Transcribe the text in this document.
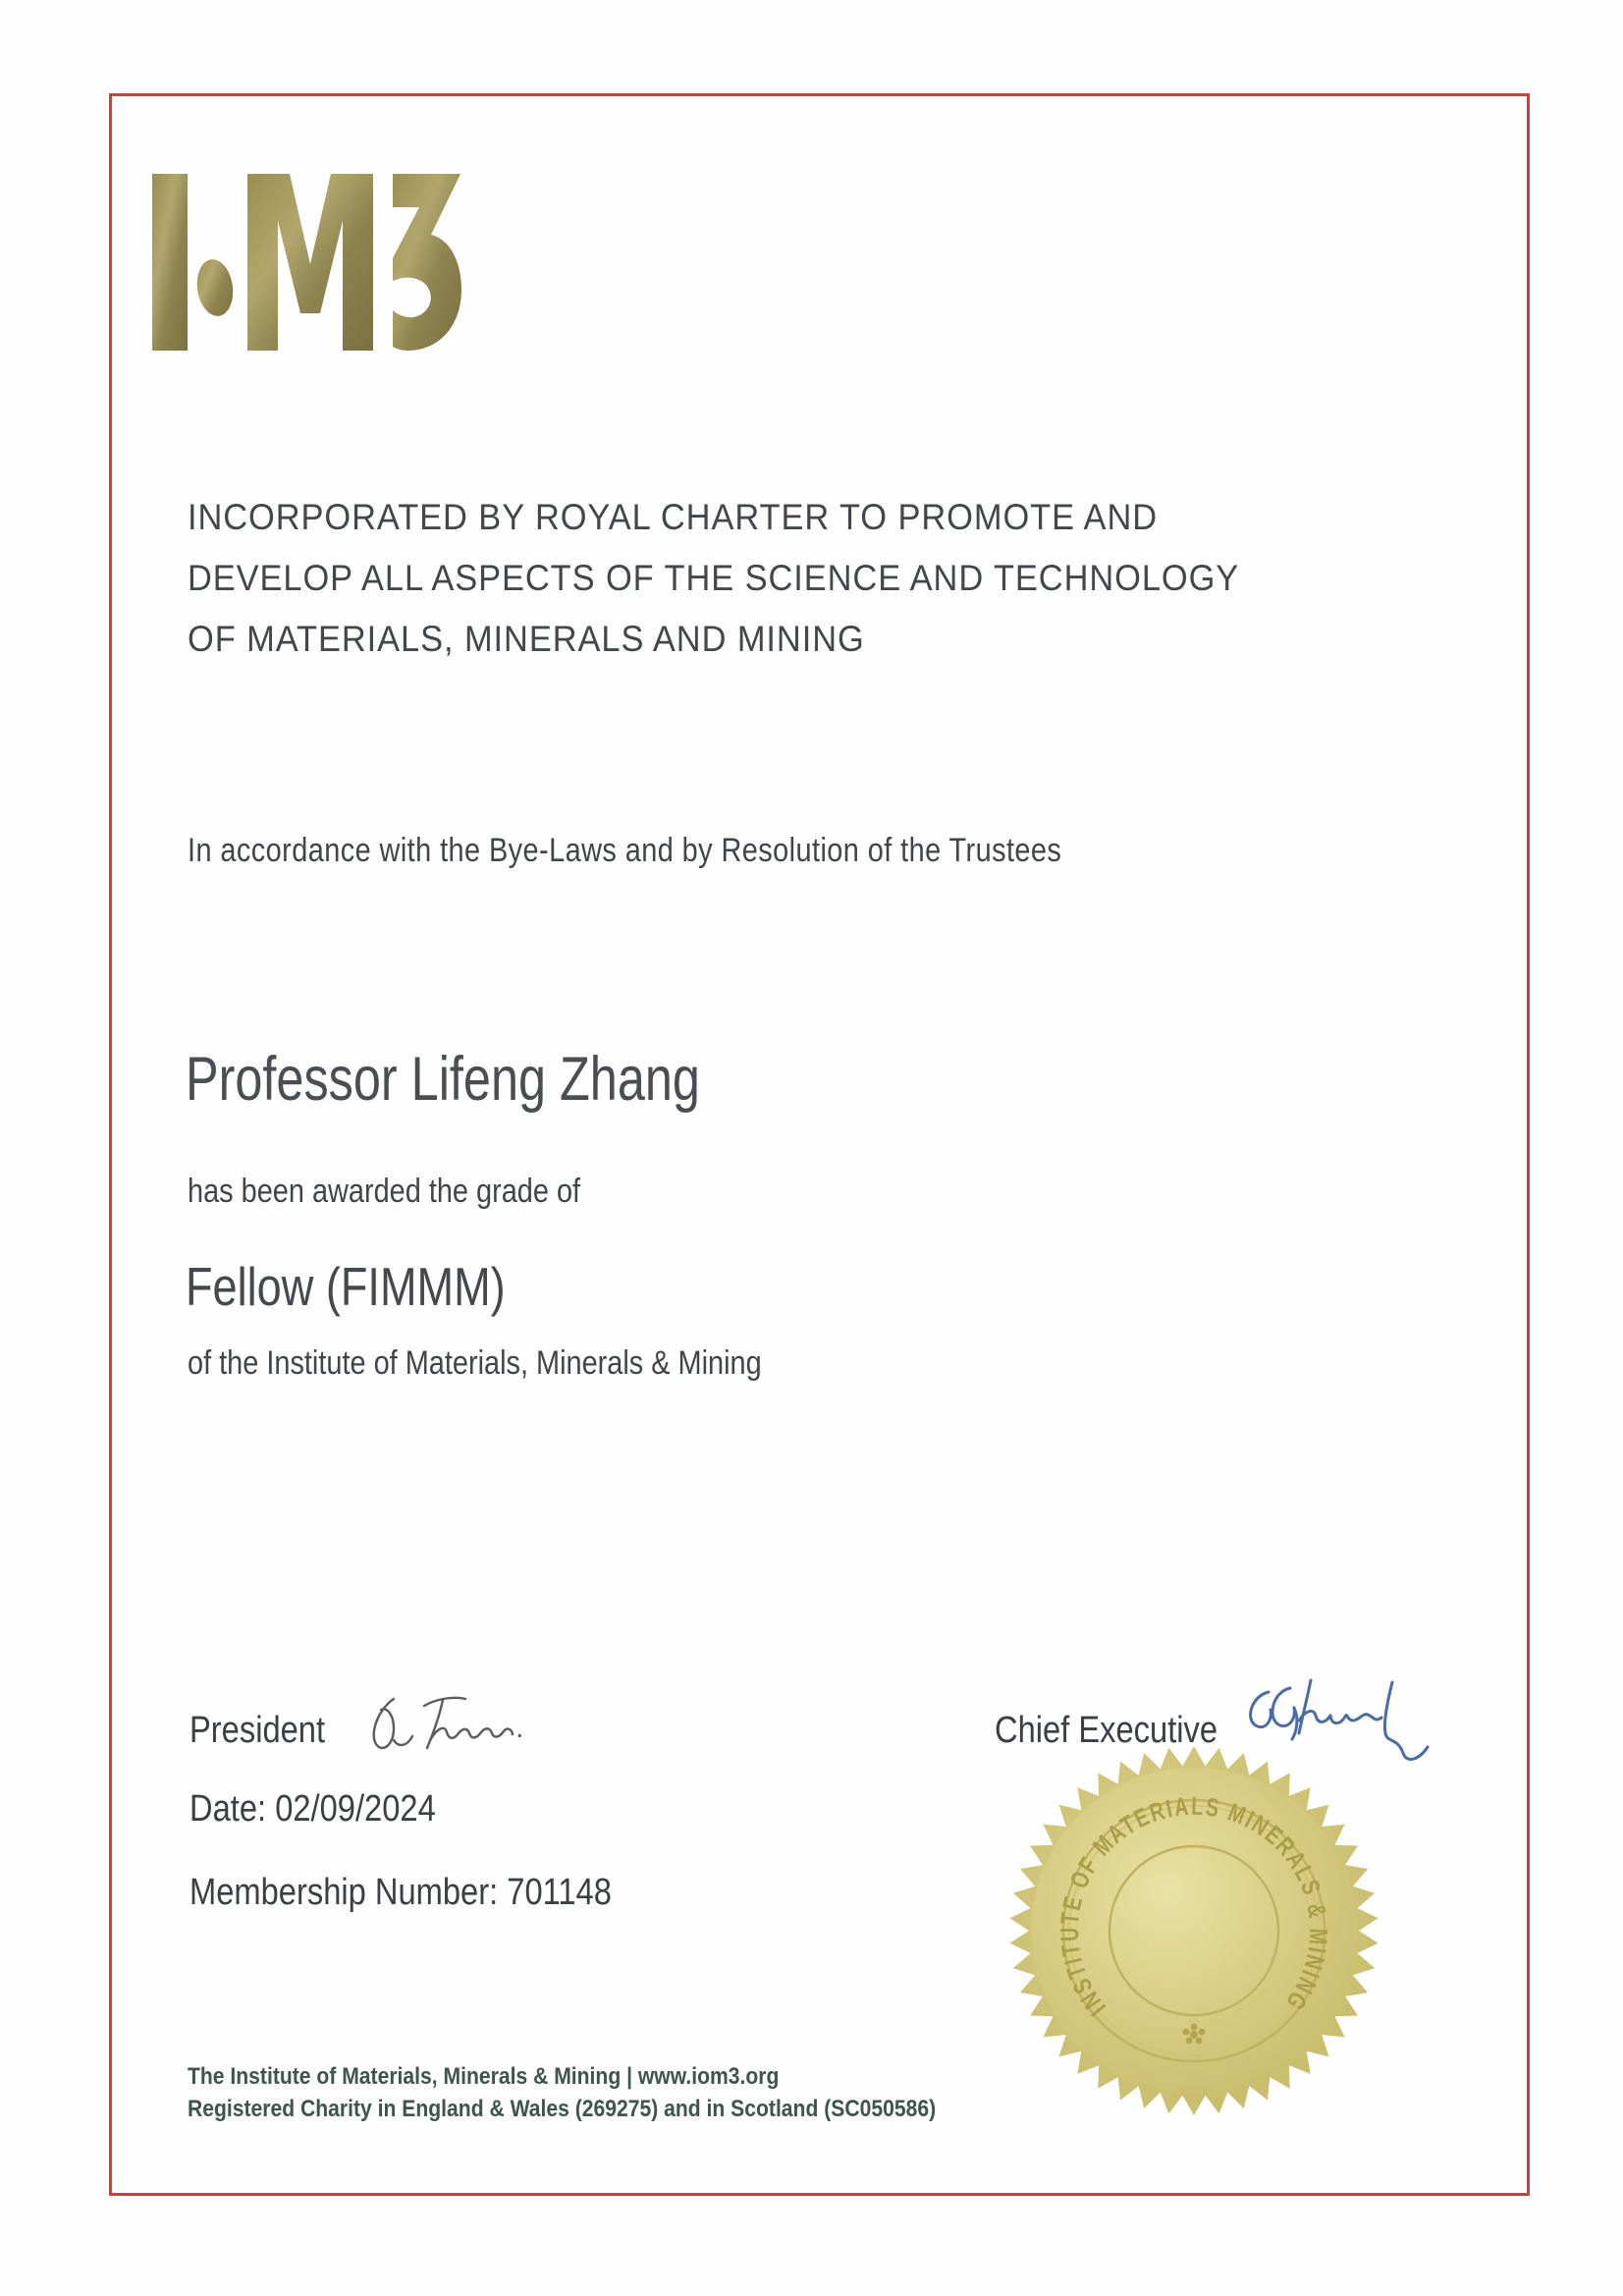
INCORPORATED BY ROYAL CHARTER TO PROMOTE AND
DEVELOP ALL ASPECTS OF THE SCIENCE AND TECHNOLOGY
OF MATERIALS, MINERALS AND MINING
In accordance with the Bye-Laws and by Resolution of the Trustees
Professor Lifeng Zhang
has been awarded the grade of
Fellow (FIMMM)
of the Institute of Materials, Minerals & Mining
President	Chief Executive
Date: 02/09/2024
Membership Number: 701148
INSTITUTE OF MATERIALS MINERALS & MINING
The Institute of Materials, Minerals & Mining | www.iom3.org
Registered Charity in England & Wales (269275) and in Scotland (SC050586)
